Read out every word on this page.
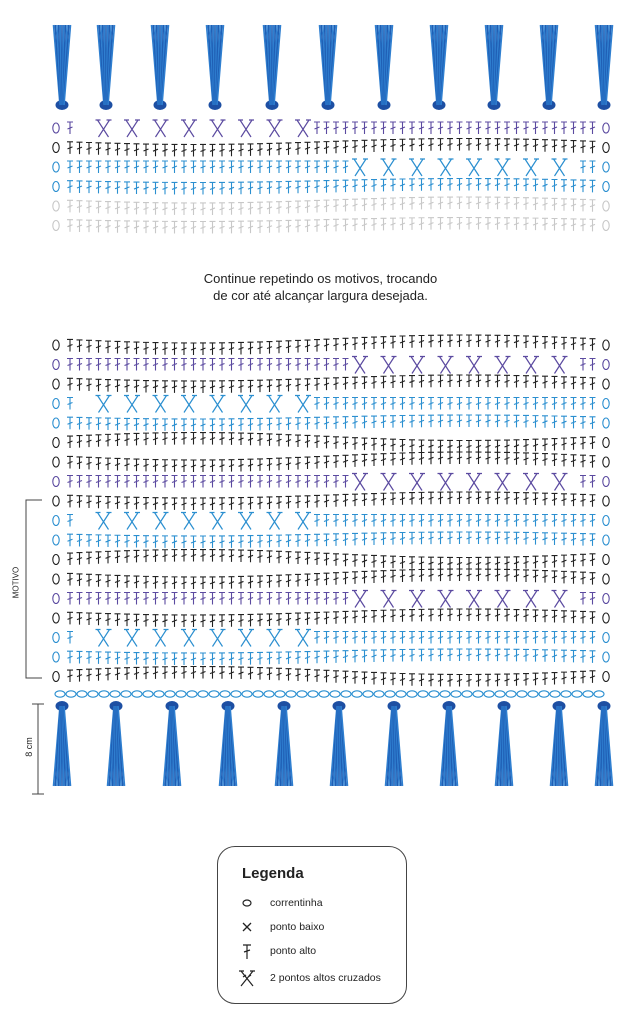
Continue repetindo os motivos, trocando
de cor até alcançar largura desejada.
MOTIVO
8 cm
Legenda
correntinha
ponto baixo
ponto alto
2 pontos altos cruzados
